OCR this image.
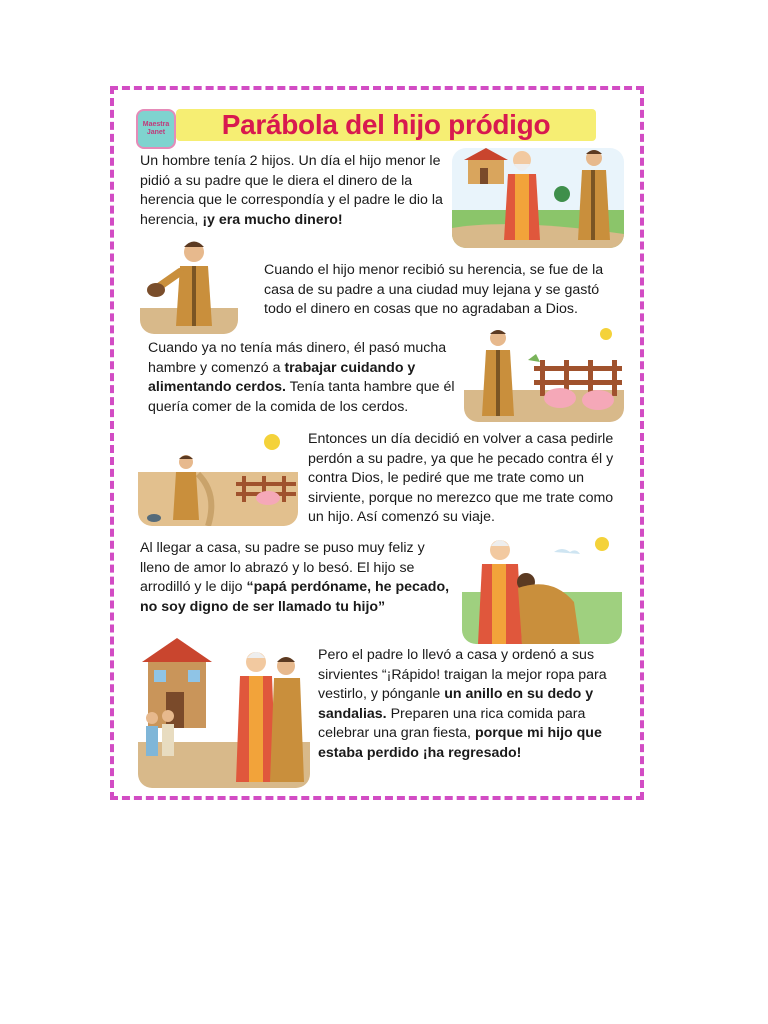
Maestra
Janet	Parábola del hijo pródigo

Un hombre tenía 2 hijos. Un día el hijo menor le pidió a su padre que le diera el dinero de la herencia que le correspondía y el padre le dio la herencia, ¡y era mucho dinero!

Cuando el hijo menor recibió su herencia, se fue de la casa de su padre a una ciudad muy lejana y se gastó todo el dinero en cosas que no agradaban a Dios.

Cuando ya no tenía más dinero, él pasó mucha hambre y comenzó a trabajar cuidando y alimentando cerdos. Tenía tanta hambre que él quería comer de la comida de los cerdos.

Entonces un día decidió en volver a casa pedirle perdón a su padre, ya que he pecado contra él y contra Dios, le pediré que me trate como un sirviente, porque no merezco que me trate como un hijo. Así comenzó su viaje.

Al llegar a casa, su padre se puso muy feliz y lleno de amor lo abrazó y lo besó. El hijo se arrodilló y le dijo “papá perdóname, he pecado, no soy digno de ser llamado tu hijo”

Pero el padre lo llevó a casa y ordenó a sus sirvientes “¡Rápido! traigan la mejor ropa para vestirlo, y pónganle un anillo en su dedo y sandalias. Preparen una rica comida para celebrar una gran fiesta, porque mi hijo que estaba perdido ¡ha regresado!
